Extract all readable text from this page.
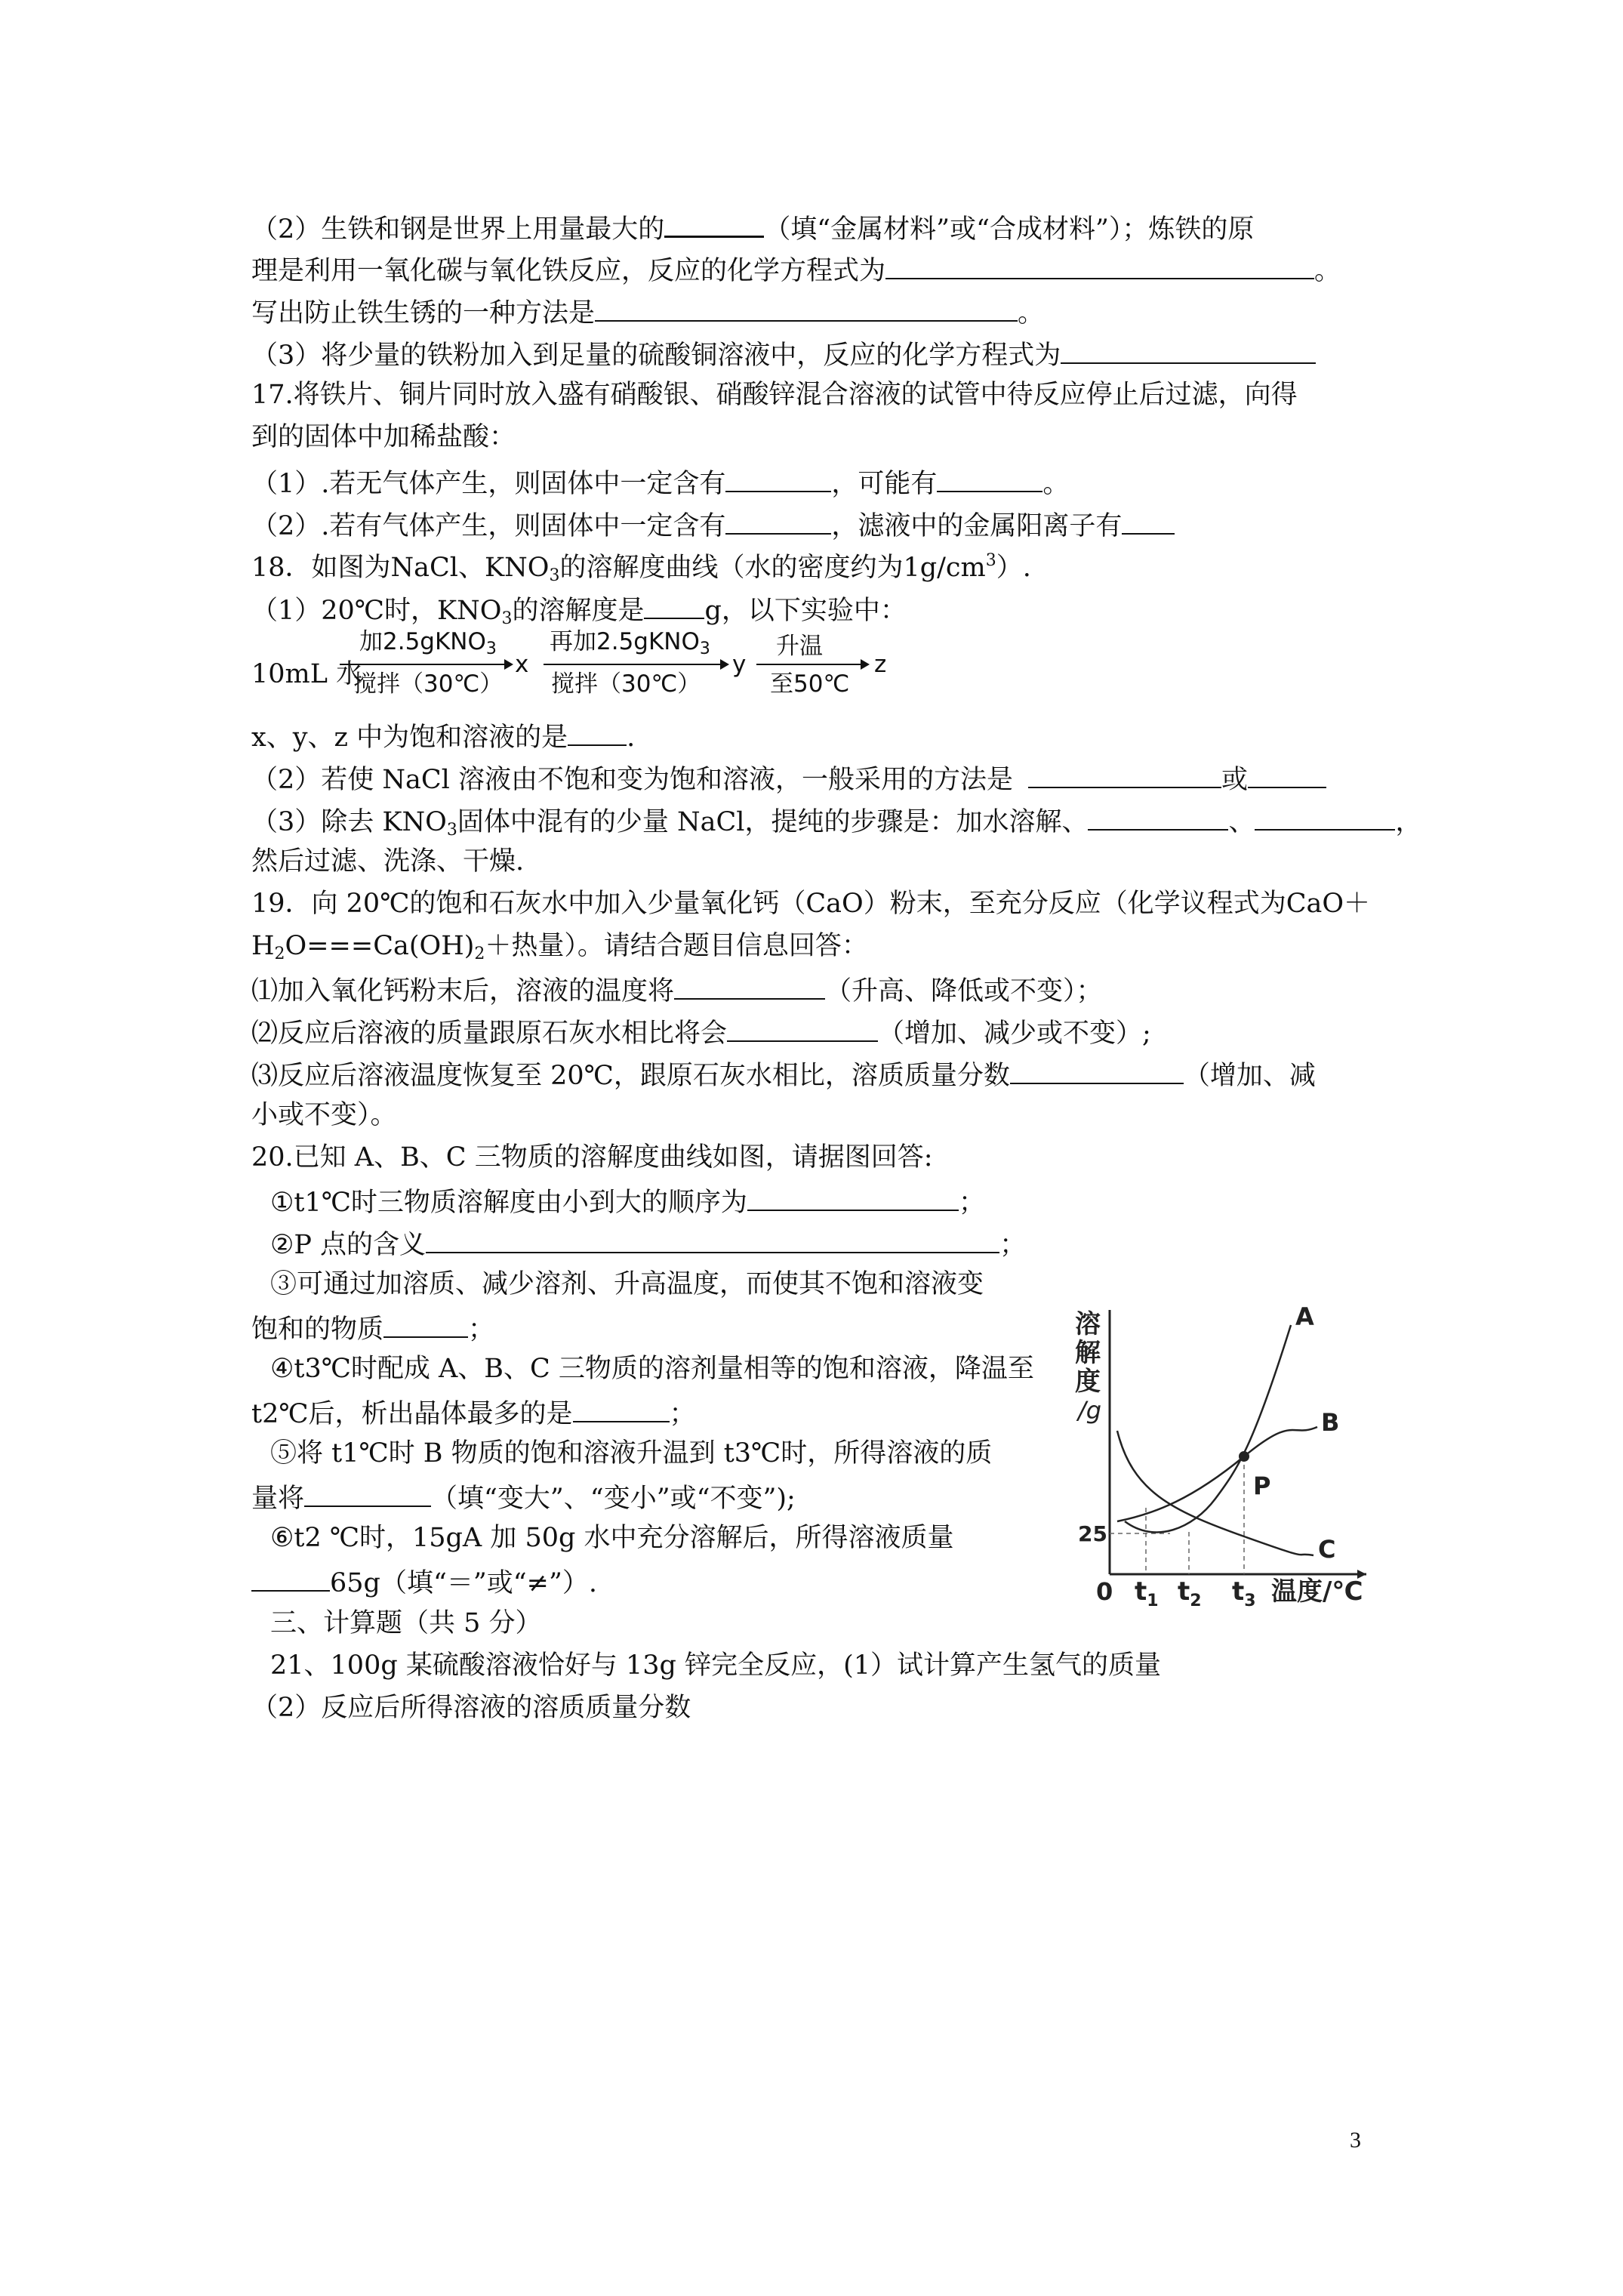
（2）生铁和钢是世界上用量最大的	（填“金属材料”或“合成材料”）；炼铁的原
理是利用一氧化碳与氧化铁反应，反应的化学方程式为	。
写出防止铁生锈的一种方法是	。
（3）将少量的铁粉加入到足量的硫酸铜溶液中，反应的化学方程式为
17.将铁片、铜片同时放入盛有硝酸银、硝酸锌混合溶液的试管中待反应停止后过滤，向得
到的固体中加稀盐酸：
（1）.若无气体产生，则固体中一定含有	，可能有	。
（2）.若有气体产生，则固体中一定含有	，滤液中的金属阳离子有
18．如图为NaCl、$KNO_3$的溶解度曲线（水的密度约为$1g/cm^3$）.
（1）20℃时，$KNO_3$的溶解度是 g，以下实验中：
10mL 水
加2.5gKNO$_3$
搅拌（30℃）
x
再加2.5gKNO$_3$
搅拌（30℃）
y
升温
至50℃
z
x、y、z 中为饱和溶液的是 .
（2）若使 NaCl 溶液由不饱和变为饱和溶液，一般采用的方法是	或
（3）除去 $KNO_3$固体中混有的少量 NaCl，提纯的步骤是：加水溶解、	、	，
然后过滤、洗涤、干燥.
19．向 20℃的饱和石灰水中加入少量氧化钙（CaO）粉末，至充分反应（化学议程式为CaO＋
$H_2O===Ca(OH)_2+$热量）。请结合题目信息回答：
⑴加入氧化钙粉末后，溶液的温度将	（升高、降低或不变）；
⑵反应后溶液的质量跟原石灰水相比将会	（增加、减少或不变）;
⑶反应后溶液温度恢复至 20℃，跟原石灰水相比，溶质质量分数	（增加、减
小或不变）。
20.已知 A、B、C 三物质的溶解度曲线如图，请据图回答:
①t1℃时三物质溶解度由小到大的顺序为	；
②P 点的含义	；
③可通过加溶质、减少溶剂、升高温度，而使其不饱和溶液变
饱和的物质	；
④t3℃时配成 A、B、C 三物质的溶剂量相等的饱和溶液，降温至
t2℃后，析出晶体最多的是	；
⑤将 t1℃时 B 物质的饱和溶液升温到 t3℃时，所得溶液的质
量将	（填“变大”、“变小”或“不变”);
⑥t2 ℃时，15gA 加 50g 水中充分溶解后，所得溶液质量
65g（填“＝”或“≠”）.
三、计算题（共 5 分）
21、100g 某硫酸溶液恰好与 13g 锌完全反应，(1）试计算产生氢气的质量
（2）反应后所得溶液的溶质质量分数
3
溶
解
度
/g
A
B
C
P
25
0 $t_1$ $t_2$ $t_3$ 温度/℃
